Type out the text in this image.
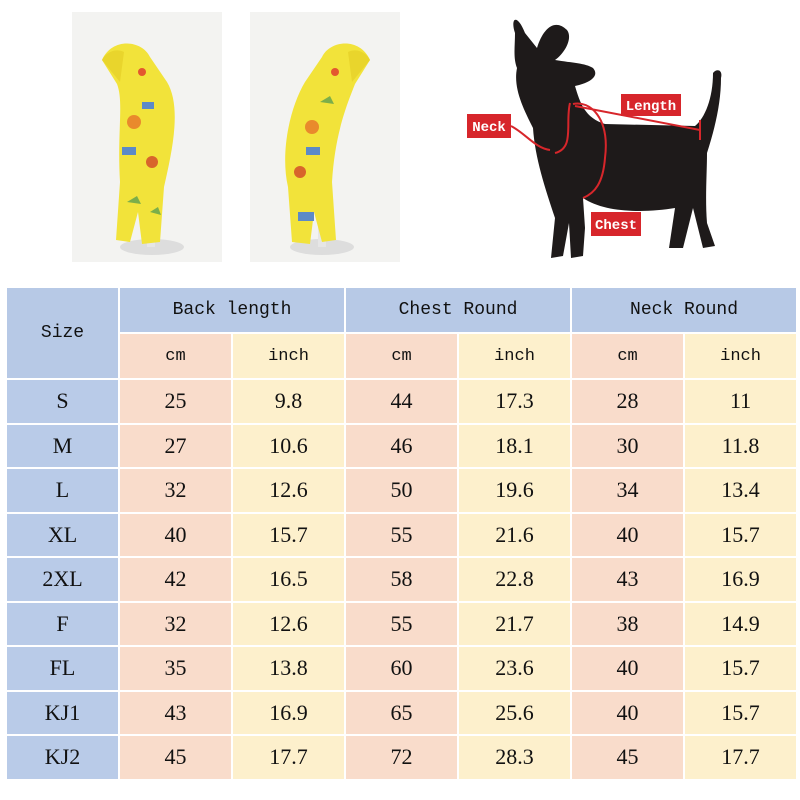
Neck
Length
Chest
Size	Back length		Chest Round		Neck Round	
	cm	inch	cm	inch	cm	inch
S	25	9.8	44	17.3	28	11
M	27	10.6	46	18.1	30	11.8
L	32	12.6	50	19.6	34	13.4
XL	40	15.7	55	21.6	40	15.7
2XL	42	16.5	58	22.8	43	16.9
F	32	12.6	55	21.7	38	14.9
FL	35	13.8	60	23.6	40	15.7
KJ1	43	16.9	65	25.6	40	15.7
KJ2	45	17.7	72	28.3	45	17.7
